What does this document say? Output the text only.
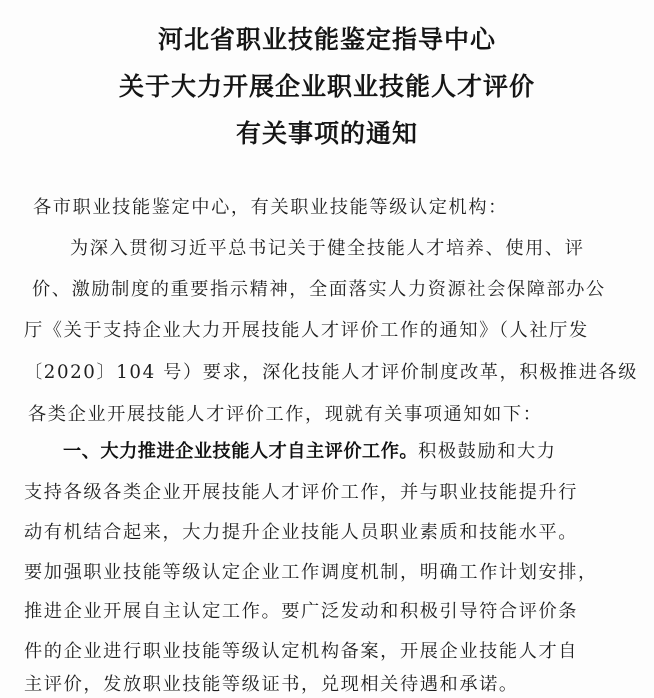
河北省职业技能鉴定指导中心
关于大力开展企业职业技能人才评价
有关事项的通知
各市职业技能鉴定中心，有关职业技能等级认定机构：
为深入贯彻习近平总书记关于健全技能人才培养、使用、评
价、激励制度的重要指示精神，全面落实人力资源社会保障部办公
厅《关于支持企业大力开展技能人才评价工作的通知》（人社厅发
〔2020〕104 号）要求，深化技能人才评价制度改革，积极推进各级
各类企业开展技能人才评价工作，现就有关事项通知如下：
一、大力推进企业技能人才自主评价工作。积极鼓励和大力
支持各级各类企业开展技能人才评价工作，并与职业技能提升行
动有机结合起来，大力提升企业技能人员职业素质和技能水平。
要加强职业技能等级认定企业工作调度机制，明确工作计划安排，
推进企业开展自主认定工作。要广泛发动和积极引导符合评价条
件的企业进行职业技能等级认定机构备案，开展企业技能人才自
主评价，发放职业技能等级证书，兑现相关待遇和承诺。
